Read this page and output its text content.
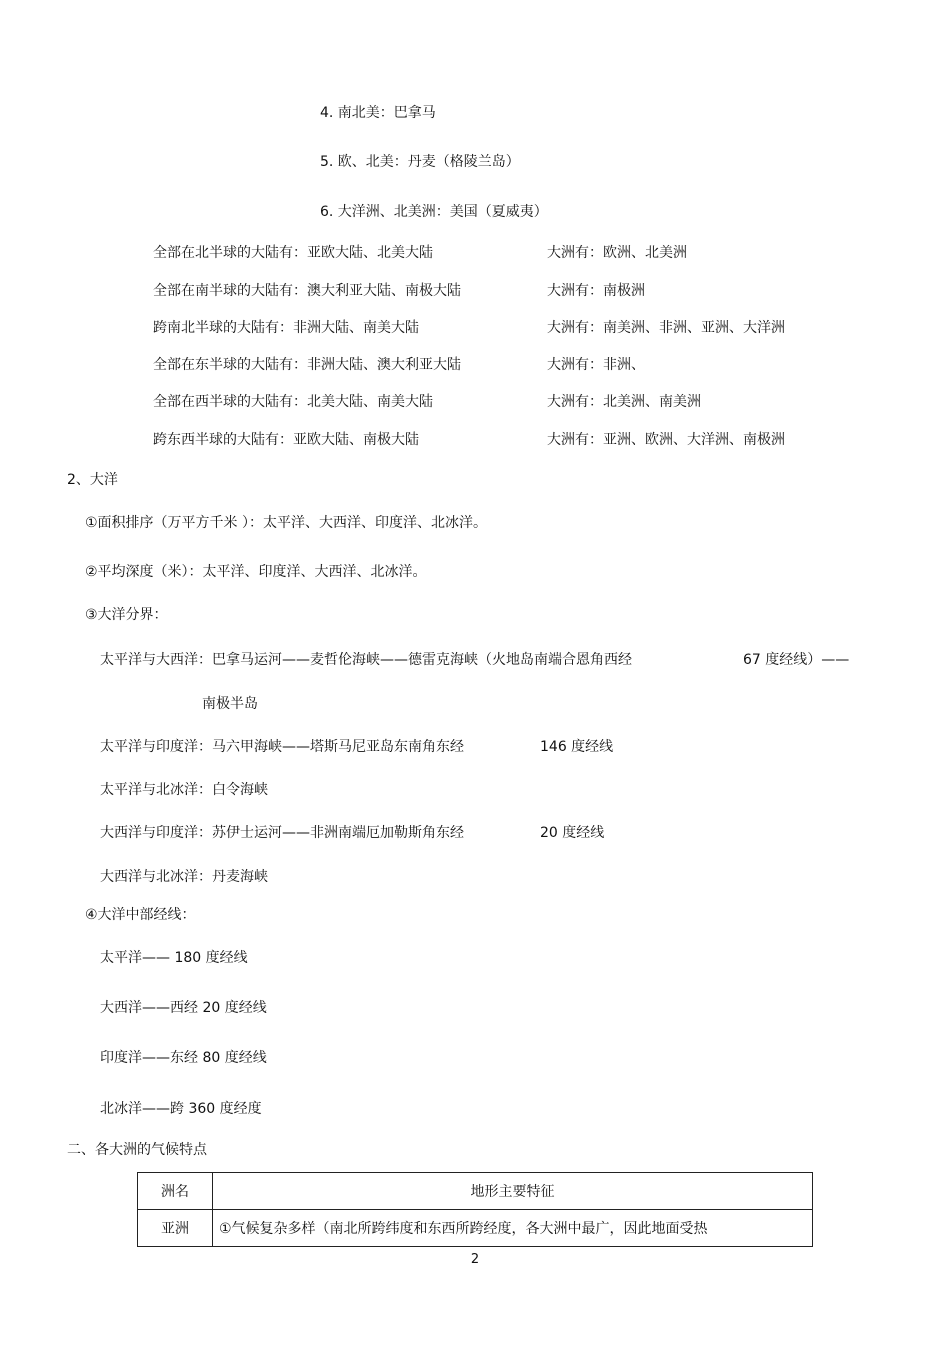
4. 南北美：巴拿马
5. 欧、北美：丹麦（格陵兰岛）
6. 大洋洲、北美洲：美国（夏威夷）
全部在北半球的大陆有：亚欧大陆、北美大陆	大洲有：欧洲、北美洲
全部在南半球的大陆有：澳大利亚大陆、南极大陆	大洲有：南极洲
跨南北半球的大陆有：非洲大陆、南美大陆	大洲有：南美洲、非洲、亚洲、大洋洲
全部在东半球的大陆有：非洲大陆、澳大利亚大陆	大洲有：非洲、
全部在西半球的大陆有：北美大陆、南美大陆	大洲有：北美洲、南美洲
跨东西半球的大陆有：亚欧大陆、南极大陆	大洲有：亚洲、欧洲、大洋洲、南极洲
2、大洋
①面积排序（万平方千米 ）：太平洋、大西洋、印度洋、北冰洋。
②平均深度（米）：太平洋、印度洋、大西洋、北冰洋。
③大洋分界：
太平洋与大西洋：巴拿马运河——麦哲伦海峡——德雷克海峡（火地岛南端合恩角西经	67 度经线）——
南极半岛
太平洋与印度洋：马六甲海峡——塔斯马尼亚岛东南角东经	146 度经线
太平洋与北冰洋：白令海峡
大西洋与印度洋：苏伊士运河——非洲南端厄加勒斯角东经	20 度经线
大西洋与北冰洋：丹麦海峡
④大洋中部经线：
太平洋—— 180 度经线
大西洋——西经 20 度经线
印度洋——东经 80 度经线
北冰洋——跨 360 度经度
二、各大洲的气候特点
洲名	地形主要特征
亚洲	①气候复杂多样（南北所跨纬度和东西所跨经度，各大洲中最广，因此地面受热
2
